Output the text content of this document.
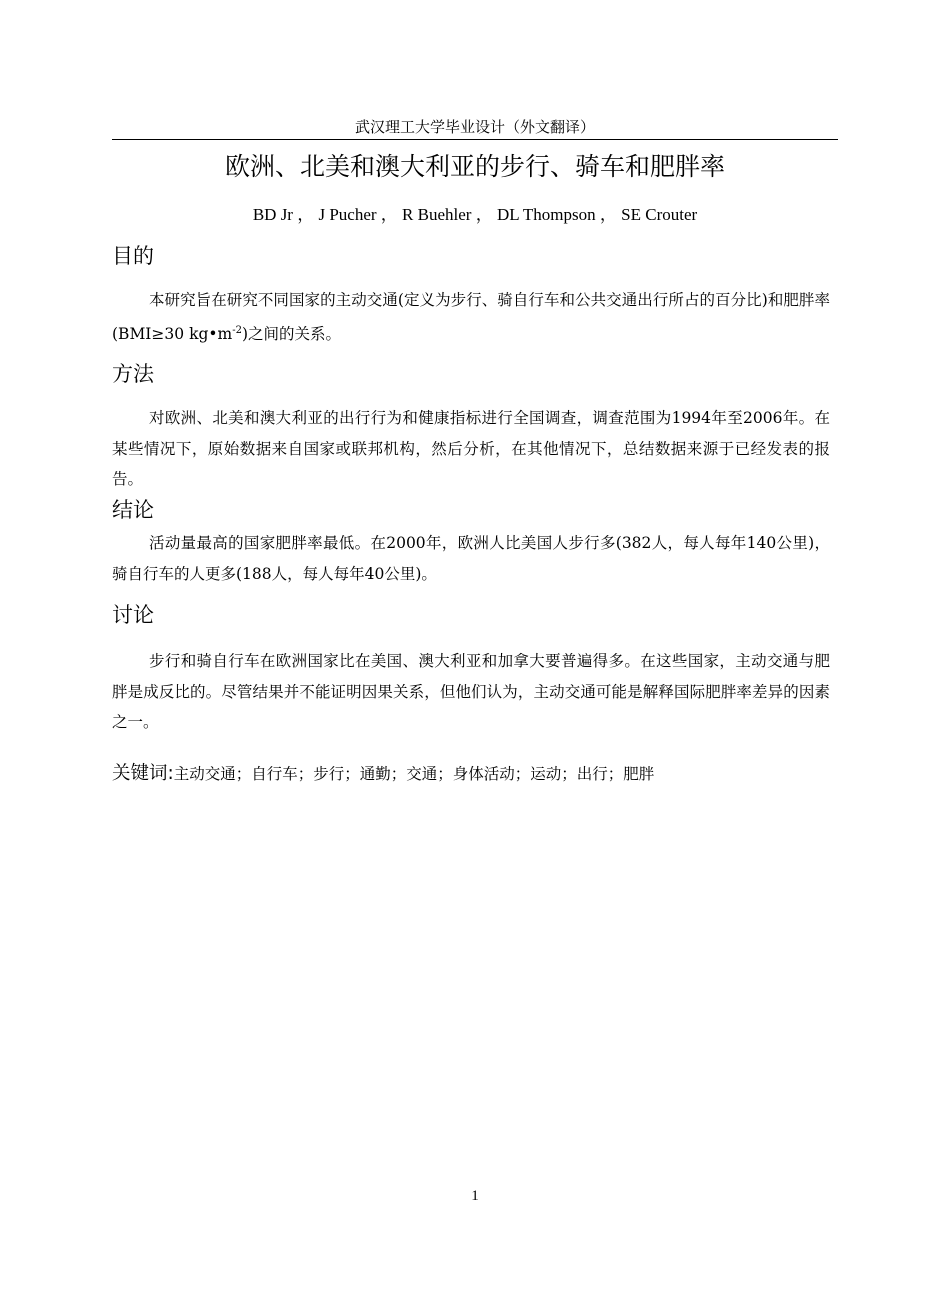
武汉理工大学毕业设计（外文翻译）
欧洲、北美和澳大利亚的步行、骑车和肥胖率
BD Jr ， J Pucher ， R Buehler ， DL Thompson ， SE Crouter
目的

本研究旨在研究不同国家的主动交通(定义为步行、骑自行车和公共交通出行所占的百分比)和肥胖率(BMI≥30 $kg•m^{-2}$)之间的关系。

方法

对欧洲、北美和澳大利亚的出行行为和健康指标进行全国调查，调查范围为1994年至2006年。在某些情况下，原始数据来自国家或联邦机构，然后分析，在其他情况下，总结数据来源于已经发表的报告。

结论

活动量最高的国家肥胖率最低。在2000年，欧洲人比美国人步行多(382人，每人每年140公里)，骑自行车的人更多(188人，每人每年40公里)。

讨论

步行和骑自行车在欧洲国家比在美国、澳大利亚和加拿大要普遍得多。在这些国家，主动交通与肥胖是成反比的。尽管结果并不能证明因果关系，但他们认为，主动交通可能是解释国际肥胖率差异的因素之一。

关键词:主动交通；自行车；步行；通勤；交通；身体活动；运动；出行；肥胖
1
